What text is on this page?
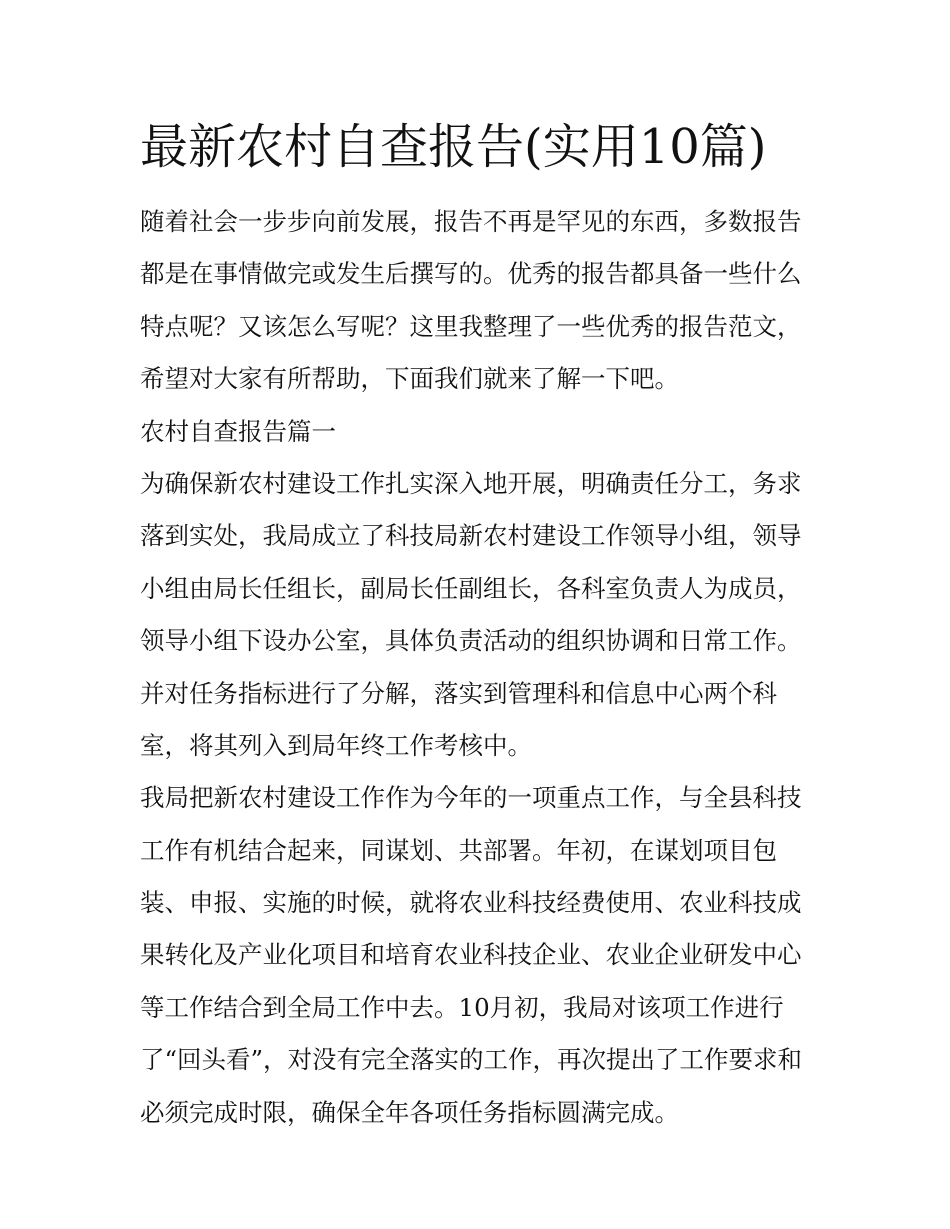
最新农村自查报告(实用10篇)
随着社会一步步向前发展，报告不再是罕见的东西，多数报告
都是在事情做完或发生后撰写的。优秀的报告都具备一些什么
特点呢？又该怎么写呢？这里我整理了一些优秀的报告范文，
希望对大家有所帮助，下面我们就来了解一下吧。
农村自查报告篇一
为确保新农村建设工作扎实深入地开展，明确责任分工，务求
落到实处，我局成立了科技局新农村建设工作领导小组，领导
小组由局长任组长，副局长任副组长，各科室负责人为成员，
领导小组下设办公室，具体负责活动的组织协调和日常工作。
并对任务指标进行了分解，落实到管理科和信息中心两个科
室，将其列入到局年终工作考核中。
我局把新农村建设工作作为今年的一项重点工作，与全县科技
工作有机结合起来，同谋划、共部署。年初，在谋划项目包
装、申报、实施的时候，就将农业科技经费使用、农业科技成
果转化及产业化项目和培育农业科技企业、农业企业研发中心
等工作结合到全局工作中去。10月初，我局对该项工作进行
了“回头看”，对没有完全落实的工作，再次提出了工作要求和
必须完成时限，确保全年各项任务指标圆满完成。
